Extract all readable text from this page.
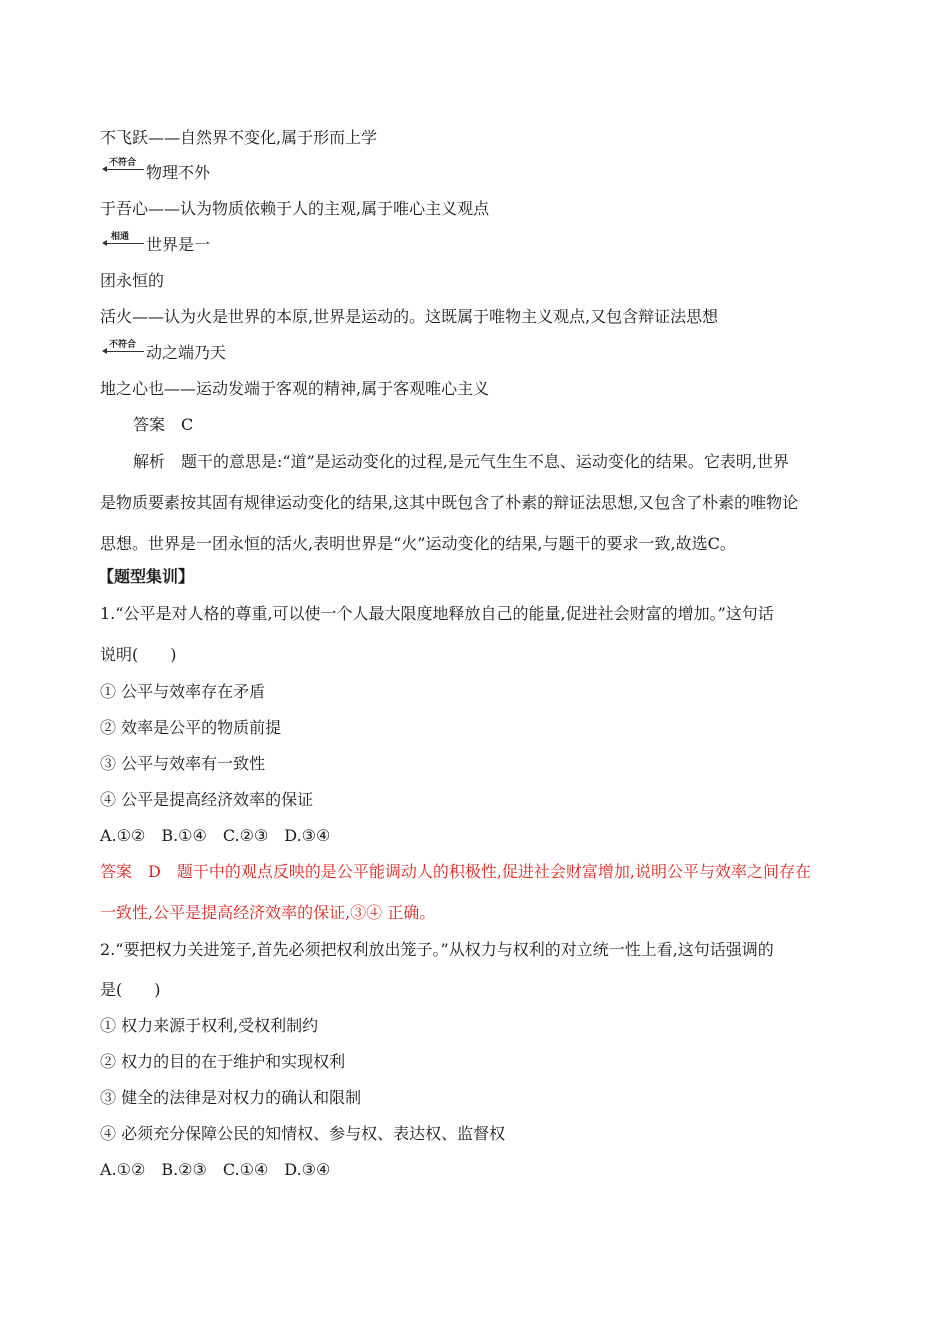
不飞跃——自然界不变化,属于形而上学
不符合 物理不外
于吾心——认为物质依赖于人的主观,属于唯心主义观点
相通 世界是一
团永恒的
活火——认为火是世界的本原,世界是运动的。这既属于唯物主义观点,又包含辩证法思想
不符合 动之端乃天
地之心也——运动发端于客观的精神,属于客观唯心主义
答案　C
解析　题干的意思是:“道”是运动变化的过程,是元气生生不息、运动变化的结果。它表明,世界
是物质要素按其固有规律运动变化的结果,这其中既包含了朴素的辩证法思想,又包含了朴素的唯物论
思想。世界是一团永恒的活火,表明世界是“火”运动变化的结果,与题干的要求一致,故选C。
【题型集训】
1.“公平是对人格的尊重,可以使一个人最大限度地释放自己的能量,促进社会财富的增加。”这句话
说明(　　)
① 公平与效率存在矛盾
② 效率是公平的物质前提
③ 公平与效率有一致性
④ 公平是提高经济效率的保证
A.①②　B.①④　C.②③　D.③④
答案　D　题干中的观点反映的是公平能调动人的积极性,促进社会财富增加,说明公平与效率之间存在
一致性,公平是提高经济效率的保证,③④ 正确。
2.“要把权力关进笼子,首先必须把权利放出笼子。”从权力与权利的对立统一性上看,这句话强调的
是(　　)
① 权力来源于权利,受权利制约
② 权力的目的在于维护和实现权利
③ 健全的法律是对权力的确认和限制
④ 必须充分保障公民的知情权、参与权、表达权、监督权
A.①②　B.②③　C.①④　D.③④
